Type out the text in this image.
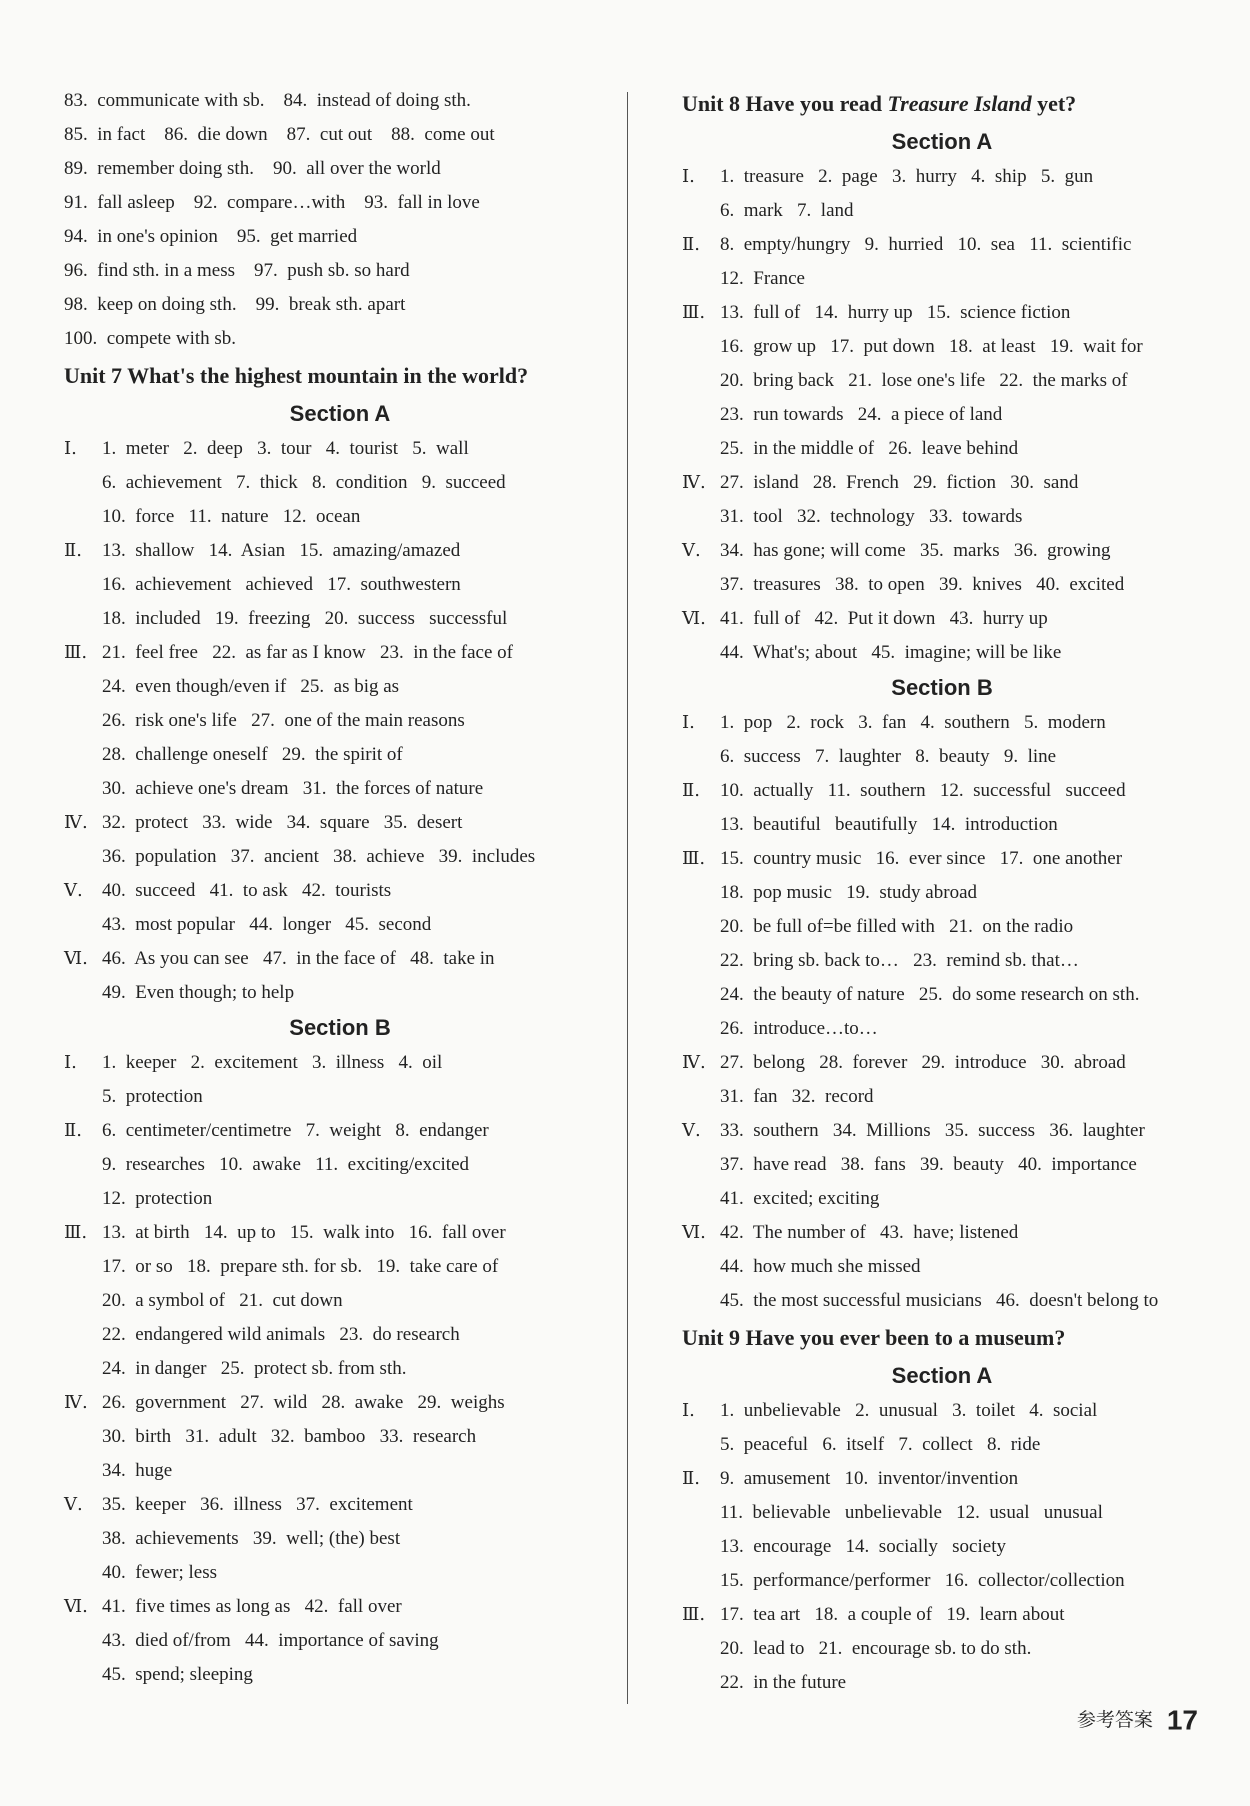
83.  communicate with sb.    84.  instead of doing sth.
85.  in fact    86.  die down    87.  cut out    88.  come out
89.  remember doing sth.    90.  all over the world
91.  fall asleep    92.  compare…with    93.  fall in love
94.  in one's opinion    95.  get married
96.  find sth. in a mess    97.  push sb. so hard
98.  keep on doing sth.    99.  break sth. apart
100.  compete with sb.
Unit 7 What's the highest mountain in the world?
Section A
Ⅰ. 1.  meter   2.  deep   3.  tour   4.  tourist   5.  wall
6.  achievement   7.  thick   8.  condition   9.  succeed
10.  force   11.  nature   12.  ocean
Ⅱ. 13.  shallow   14.  Asian   15.  amazing/amazed
16.  achievement   achieved   17.  southwestern
18.  included   19.  freezing   20.  success   successful
Ⅲ. 21.  feel free   22.  as far as I know   23.  in the face of
24.  even though/even if   25.  as big as
26.  risk one's life   27.  one of the main reasons
28.  challenge oneself   29.  the spirit of
30.  achieve one's dream   31.  the forces of nature
Ⅳ. 32.  protect   33.  wide   34.  square   35.  desert
36.  population   37.  ancient   38.  achieve   39.  includes
Ⅴ. 40.  succeed   41.  to ask   42.  tourists
43.  most popular   44.  longer   45.  second
Ⅵ. 46.  As you can see   47.  in the face of   48.  take in
49.  Even though; to help
Section B
Ⅰ. 1.  keeper   2.  excitement   3.  illness   4.  oil
5.  protection
Ⅱ. 6.  centimeter/centimetre   7.  weight   8.  endanger
9.  researches   10.  awake   11.  exciting/excited
12.  protection
Ⅲ. 13.  at birth   14.  up to   15.  walk into   16.  fall over
17.  or so   18.  prepare sth. for sb.   19.  take care of
20.  a symbol of   21.  cut down
22.  endangered wild animals   23.  do research
24.  in danger   25.  protect sb. from sth.
Ⅳ. 26.  government   27.  wild   28.  awake   29.  weighs
30.  birth   31.  adult   32.  bamboo   33.  research
34.  huge
Ⅴ. 35.  keeper   36.  illness   37.  excitement
38.  achievements   39.  well; (the) best
40.  fewer; less
Ⅵ. 41.  five times as long as   42.  fall over
43.  died of/from   44.  importance of saving
45.  spend; sleeping
Unit 8 Have you read Treasure Island yet?
Section A
Ⅰ. 1.  treasure   2.  page   3.  hurry   4.  ship   5.  gun
6.  mark   7.  land
Ⅱ. 8.  empty/hungry   9.  hurried   10.  sea   11.  scientific
12.  France
Ⅲ. 13.  full of   14.  hurry up   15.  science fiction
16.  grow up   17.  put down   18.  at least   19.  wait for
20.  bring back   21.  lose one's life   22.  the marks of
23.  run towards   24.  a piece of land
25.  in the middle of   26.  leave behind
Ⅳ. 27.  island   28.  French   29.  fiction   30.  sand
31.  tool   32.  technology   33.  towards
Ⅴ. 34.  has gone; will come   35.  marks   36.  growing
37.  treasures   38.  to open   39.  knives   40.  excited
Ⅵ. 41.  full of   42.  Put it down   43.  hurry up
44.  What's; about   45.  imagine; will be like
Section B
Ⅰ. 1.  pop   2.  rock   3.  fan   4.  southern   5.  modern
6.  success   7.  laughter   8.  beauty   9.  line
Ⅱ. 10.  actually   11.  southern   12.  successful   succeed
13.  beautiful   beautifully   14.  introduction
Ⅲ. 15.  country music   16.  ever since   17.  one another
18.  pop music   19.  study abroad
20.  be full of=be filled with   21.  on the radio
22.  bring sb. back to…   23.  remind sb. that…
24.  the beauty of nature   25.  do some research on sth.
26.  introduce…to…
Ⅳ. 27.  belong   28.  forever   29.  introduce   30.  abroad
31.  fan   32.  record
Ⅴ. 33.  southern   34.  Millions   35.  success   36.  laughter
37.  have read   38.  fans   39.  beauty   40.  importance
41.  excited; exciting
Ⅵ. 42.  The number of   43.  have; listened
44.  how much she missed
45.  the most successful musicians   46.  doesn't belong to
Unit 9 Have you ever been to a museum?
Section A
Ⅰ. 1.  unbelievable   2.  unusual   3.  toilet   4.  social
5.  peaceful   6.  itself   7.  collect   8.  ride
Ⅱ. 9.  amusement   10.  inventor/invention
11.  believable   unbelievable   12.  usual   unusual
13.  encourage   14.  socially   society
15.  performance/performer   16.  collector/collection
Ⅲ. 17.  tea art   18.  a couple of   19.  learn about
20.  lead to   21.  encourage sb. to do sth.
22.  in the future
参考答案 17
